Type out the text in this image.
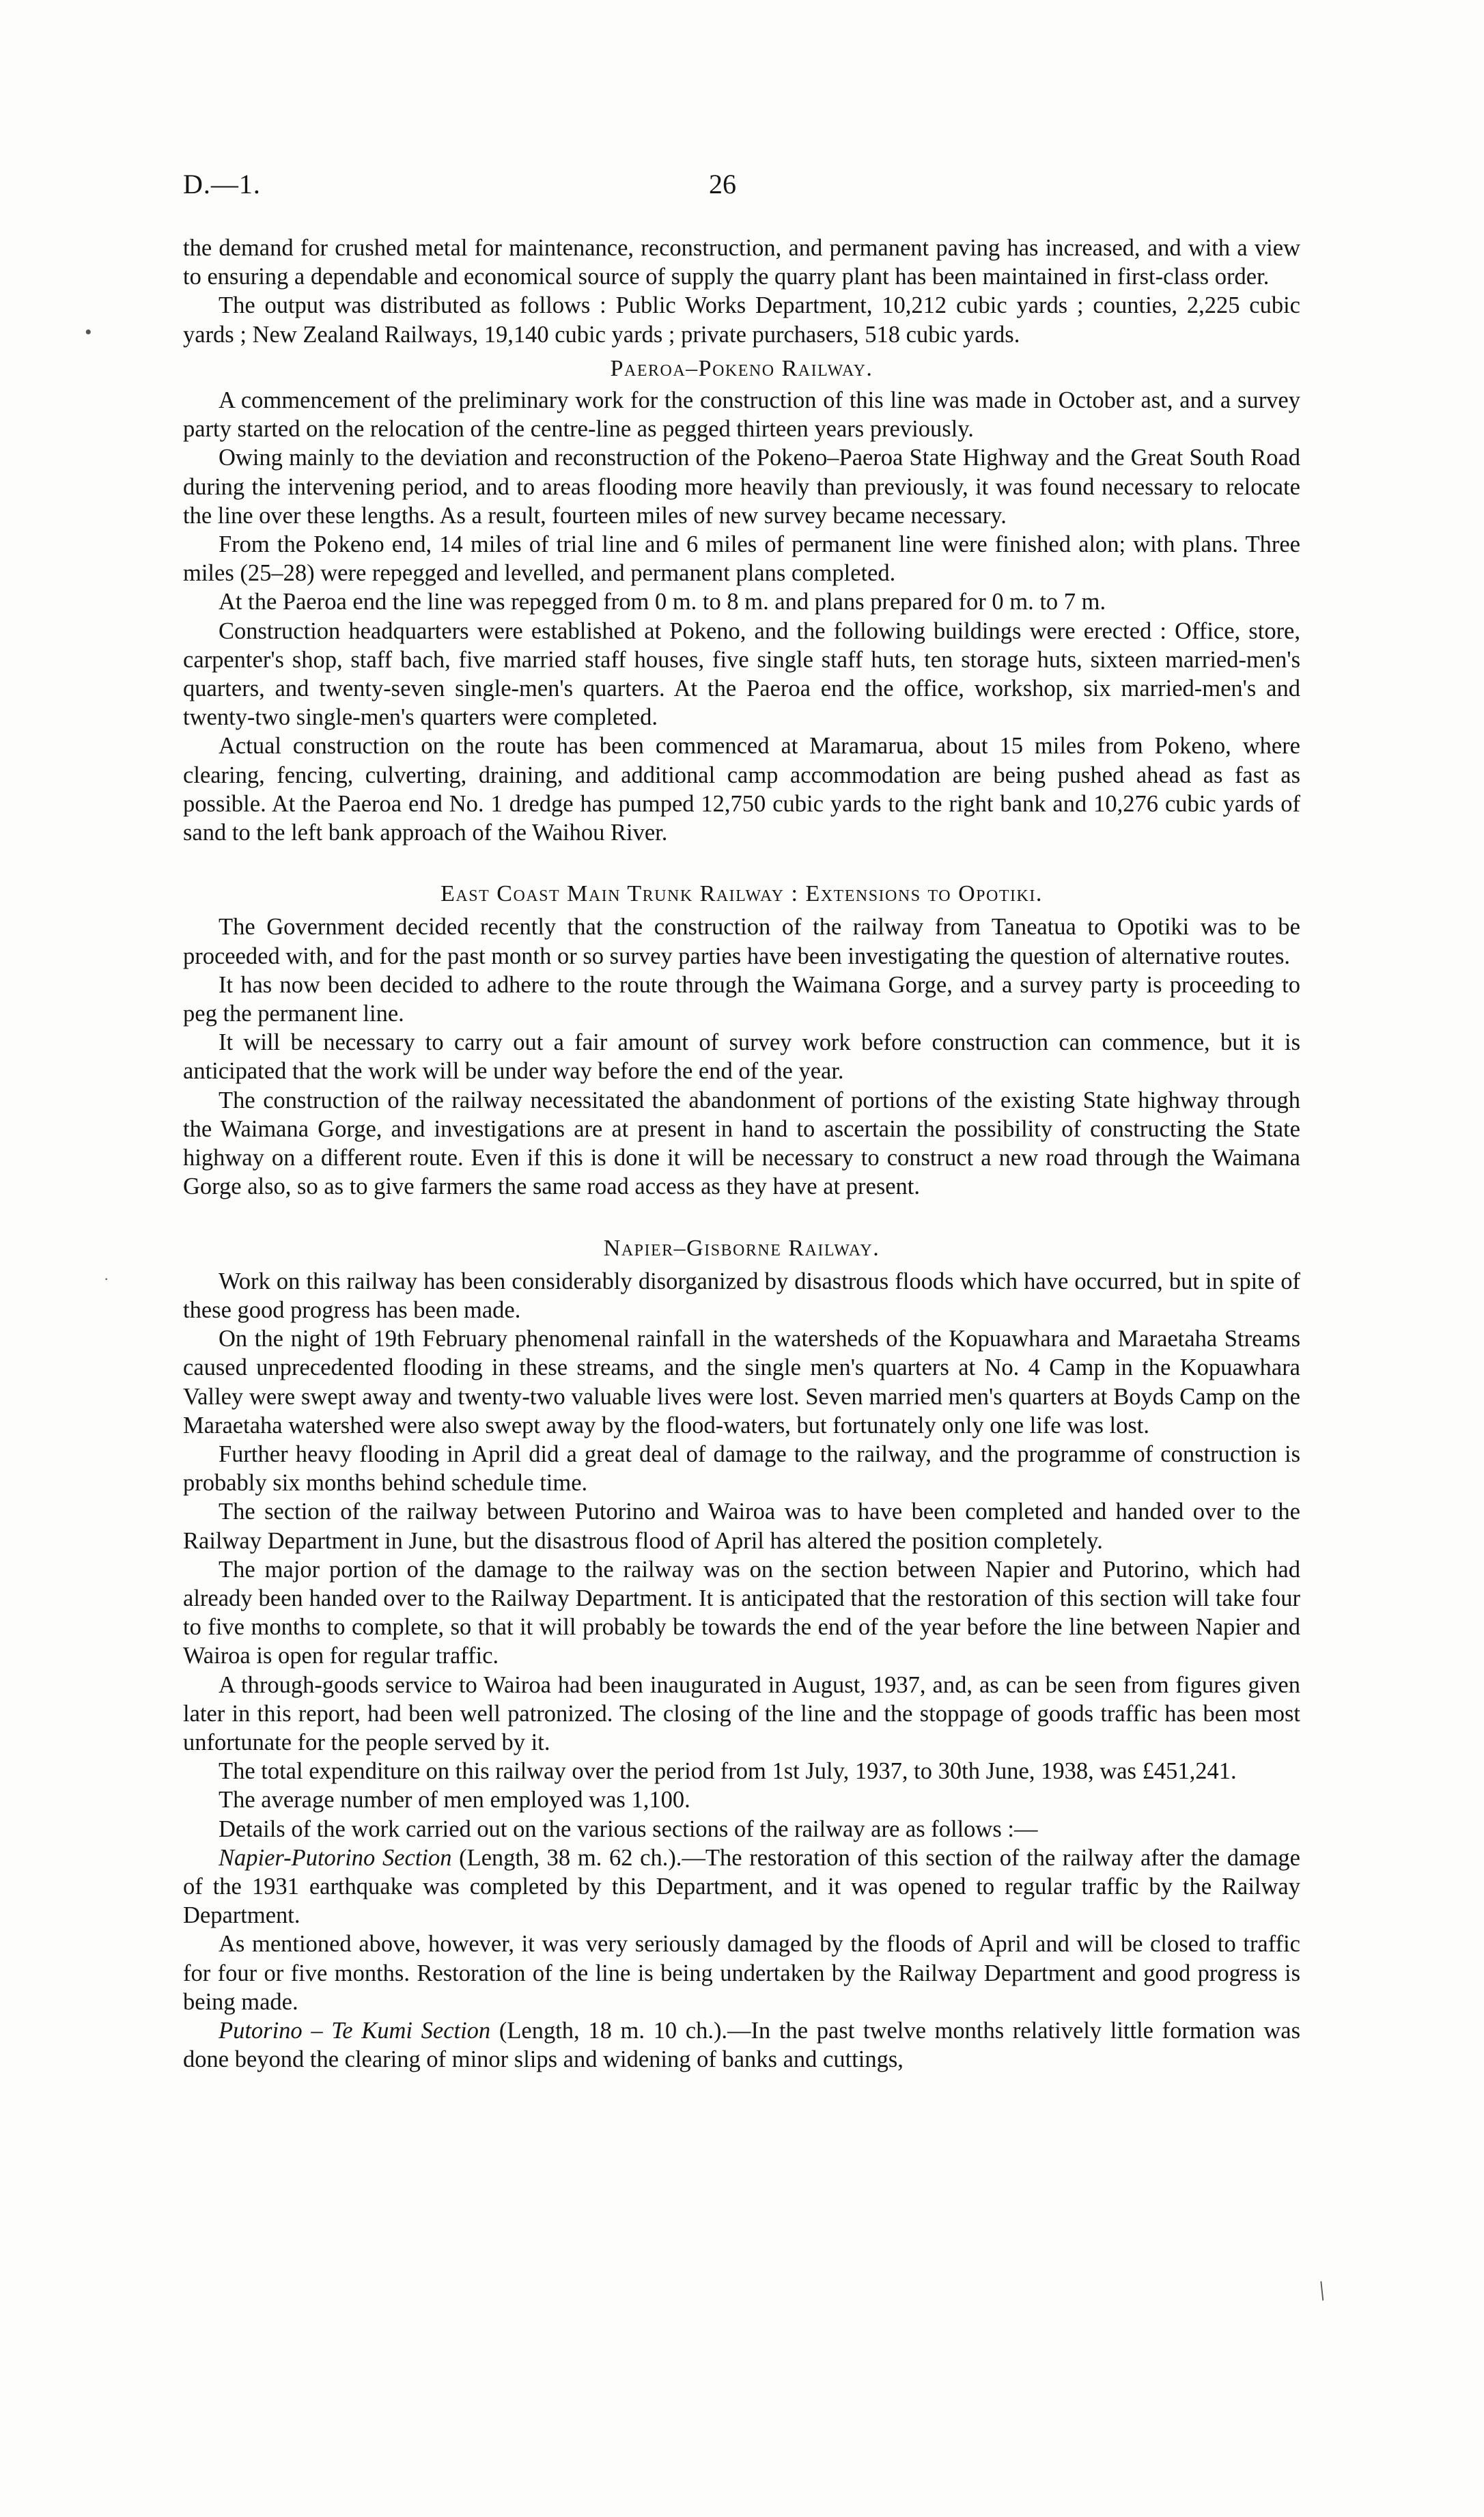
D.—1.	26
•
·
/

the demand for crushed metal for maintenance, reconstruction, and permanent paving has increased, and with a view to ensuring a dependable and economical source of supply the quarry plant has been maintained in first-class order.

The output was distributed as follows : Public Works Department, 10,212 cubic yards ; counties, 2,225 cubic yards ; New Zealand Railways, 19,140 cubic yards ; private purchasers, 518 cubic yards.

Paeroa–Pokeno Railway.

A commencement of the preliminary work for the construction of this line was made in October ast, and a survey party started on the relocation of the centre-line as pegged thirteen years previously.

Owing mainly to the deviation and reconstruction of the Pokeno–Paeroa State Highway and the Great South Road during the intervening period, and to areas flooding more heavily than previously, it was found necessary to relocate the line over these lengths. As a result, fourteen miles of new survey became necessary.

From the Pokeno end, 14 miles of trial line and 6 miles of permanent line were finished alon; with plans. Three miles (25–28) were repegged and levelled, and permanent plans completed.

At the Paeroa end the line was repegged from 0 m. to 8 m. and plans prepared for 0 m. to 7 m.

Construction headquarters were established at Pokeno, and the following buildings were erected : Office, store, carpenter's shop, staff bach, five married staff houses, five single staff huts, ten storage huts, sixteen married-men's quarters, and twenty-seven single-men's quarters. At the Paeroa end the office, workshop, six married-men's and twenty-two single-men's quarters were completed.

Actual construction on the route has been commenced at Maramarua, about 15 miles from Pokeno, where clearing, fencing, culverting, draining, and additional camp accommodation are being pushed ahead as fast as possible. At the Paeroa end No. 1 dredge has pumped 12,750 cubic yards to the right bank and 10,276 cubic yards of sand to the left bank approach of the Waihou River.

East Coast Main Trunk Railway : Extensions to Opotiki.

The Government decided recently that the construction of the railway from Taneatua to Opotiki was to be proceeded with, and for the past month or so survey parties have been investigating the question of alternative routes.

It has now been decided to adhere to the route through the Waimana Gorge, and a survey party is proceeding to peg the permanent line.

It will be necessary to carry out a fair amount of survey work before construction can commence, but it is anticipated that the work will be under way before the end of the year.

The construction of the railway necessitated the abandonment of portions of the existing State highway through the Waimana Gorge, and investigations are at present in hand to ascertain the possibility of constructing the State highway on a different route. Even if this is done it will be necessary to construct a new road through the Waimana Gorge also, so as to give farmers the same road access as they have at present.

Napier–Gisborne Railway.

Work on this railway has been considerably disorganized by disastrous floods which have occurred, but in spite of these good progress has been made.

On the night of 19th February phenomenal rainfall in the watersheds of the Kopuawhara and Maraetaha Streams caused unprecedented flooding in these streams, and the single men's quarters at No. 4 Camp in the Kopuawhara Valley were swept away and twenty-two valuable lives were lost. Seven married men's quarters at Boyds Camp on the Maraetaha watershed were also swept away by the flood-waters, but fortunately only one life was lost.

Further heavy flooding in April did a great deal of damage to the railway, and the programme of construction is probably six months behind schedule time.

The section of the railway between Putorino and Wairoa was to have been completed and handed over to the Railway Department in June, but the disastrous flood of April has altered the position completely.

The major portion of the damage to the railway was on the section between Napier and Putorino, which had already been handed over to the Railway Department. It is anticipated that the restoration of this section will take four to five months to complete, so that it will probably be towards the end of the year before the line between Napier and Wairoa is open for regular traffic.

A through-goods service to Wairoa had been inaugurated in August, 1937, and, as can be seen from figures given later in this report, had been well patronized. The closing of the line and the stoppage of goods traffic has been most unfortunate for the people served by it.

The total expenditure on this railway over the period from 1st July, 1937, to 30th June, 1938, was £451,241.

The average number of men employed was 1,100.

Details of the work carried out on the various sections of the railway are as follows :—

Napier-Putorino Section (Length, 38 m. 62 ch.).—The restoration of this section of the railway after the damage of the 1931 earthquake was completed by this Department, and it was opened to regular traffic by the Railway Department.

As mentioned above, however, it was very seriously damaged by the floods of April and will be closed to traffic for four or five months. Restoration of the line is being undertaken by the Railway Department and good progress is being made.

Putorino – Te Kumi Section (Length, 18 m. 10 ch.).—In the past twelve months relatively little formation was done beyond the clearing of minor slips and widening of banks and cuttings,
